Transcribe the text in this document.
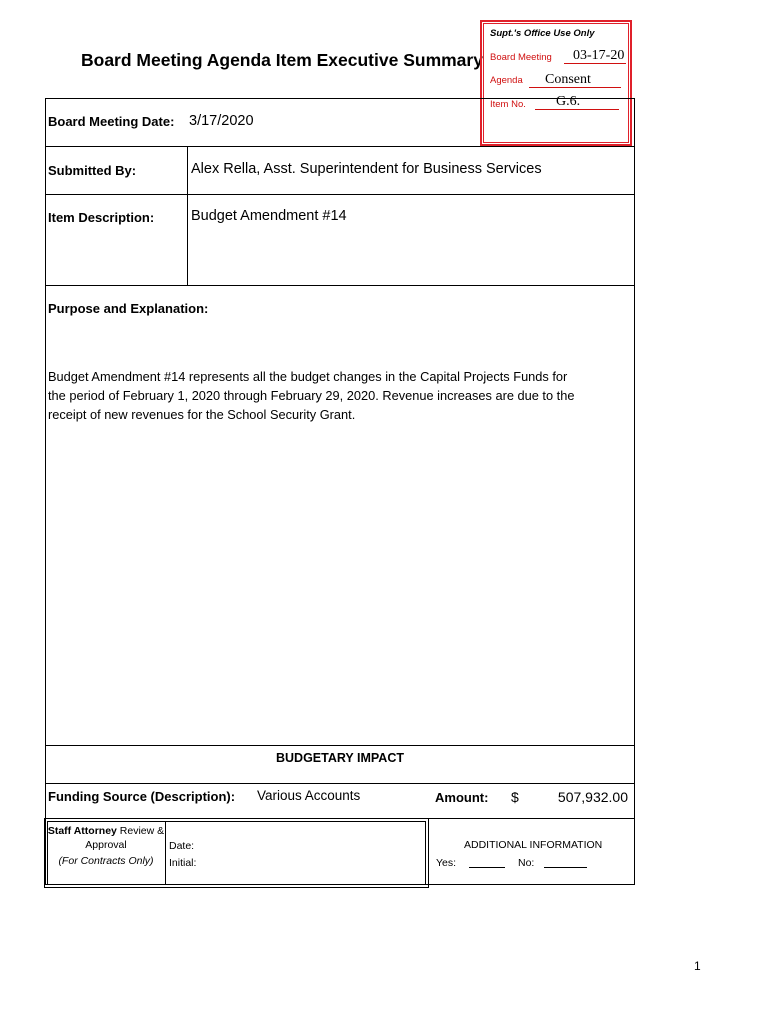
Board Meeting Agenda Item Executive Summary
Supt.'s Office Use Only
Board Meeting 03-17-20
Agenda Consent
Item No. G.6.
Board Meeting Date: 3/17/2020
Submitted By:	Alex Rella, Asst. Superintendent for Business Services
Item Description:	Budget Amendment #14
Purpose and Explanation:
Budget Amendment #14 represents all the budget changes in the Capital Projects Funds for
the period of February 1, 2020 through February 29, 2020. Revenue increases are due to the
receipt of new revenues for the School Security Grant.
BUDGETARY IMPACT
Funding Source (Description): Various Accounts	Amount: $	507,932.00
Staff Attorney Review &
Approval
(For Contracts Only)
Date:
Initial:
ADDITIONAL INFORMATION
Yes:	No:
1
